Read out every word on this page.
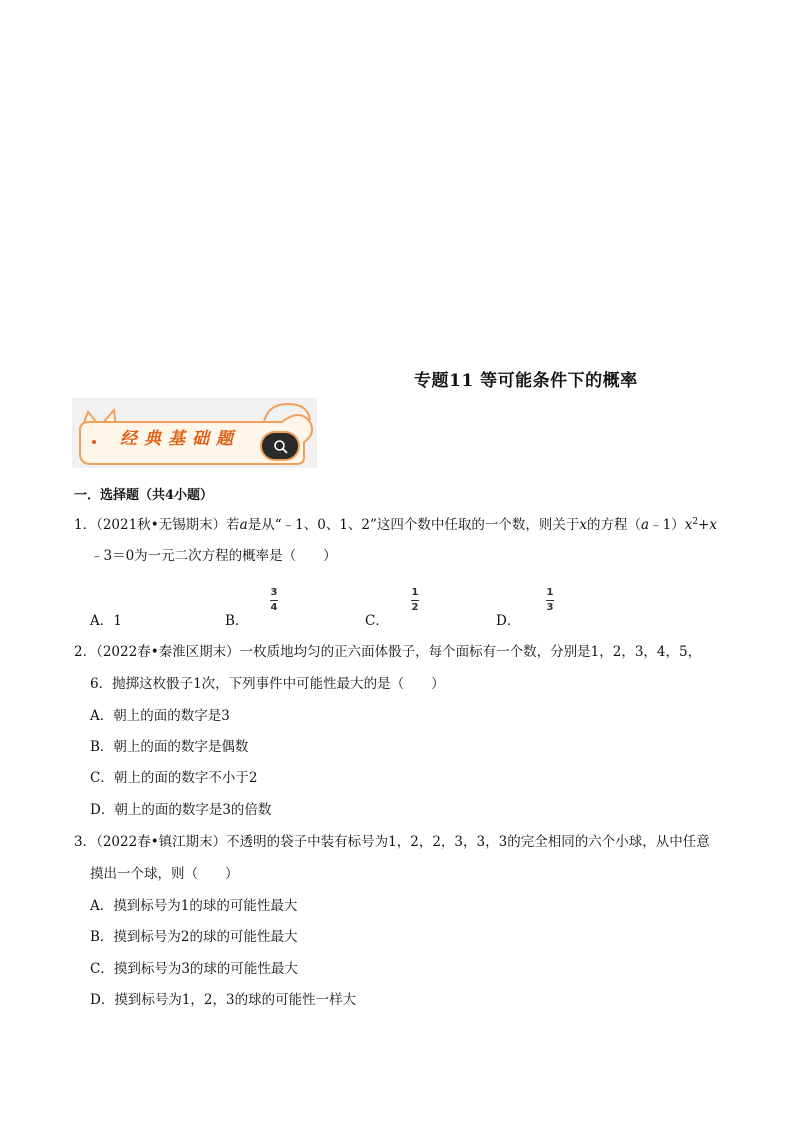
专题11 等可能条件下的概率
经典基础题
一．选择题（共4小题）
1．（2021秋•无锡期末）若a是从“﹣1、0、1、2”这四个数中任取的一个数，则关于x的方程$(a﹣1)x^2+x$
﹣3＝0为一元二次方程的概率是（　　）
A．1	B．
3
4
C．
1
2
D．
1
3
2．（2022春•秦淮区期末）一枚质地均匀的正六面体骰子，每个面标有一个数，分别是1，2，3，4，5，
6．抛掷这枚骰子1次，下列事件中可能性最大的是（　　）
A．朝上的面的数字是3
B．朝上的面的数字是偶数
C．朝上的面的数字不小于2
D．朝上的面的数字是3的倍数
3．（2022春•镇江期末）不透明的袋子中装有标号为1，2，2，3，3，3的完全相同的六个小球，从中任意
摸出一个球，则（　　）
A．摸到标号为1的球的可能性最大
B．摸到标号为2的球的可能性最大
C．摸到标号为3的球的可能性最大
D．摸到标号为1，2，3的球的可能性一样大
